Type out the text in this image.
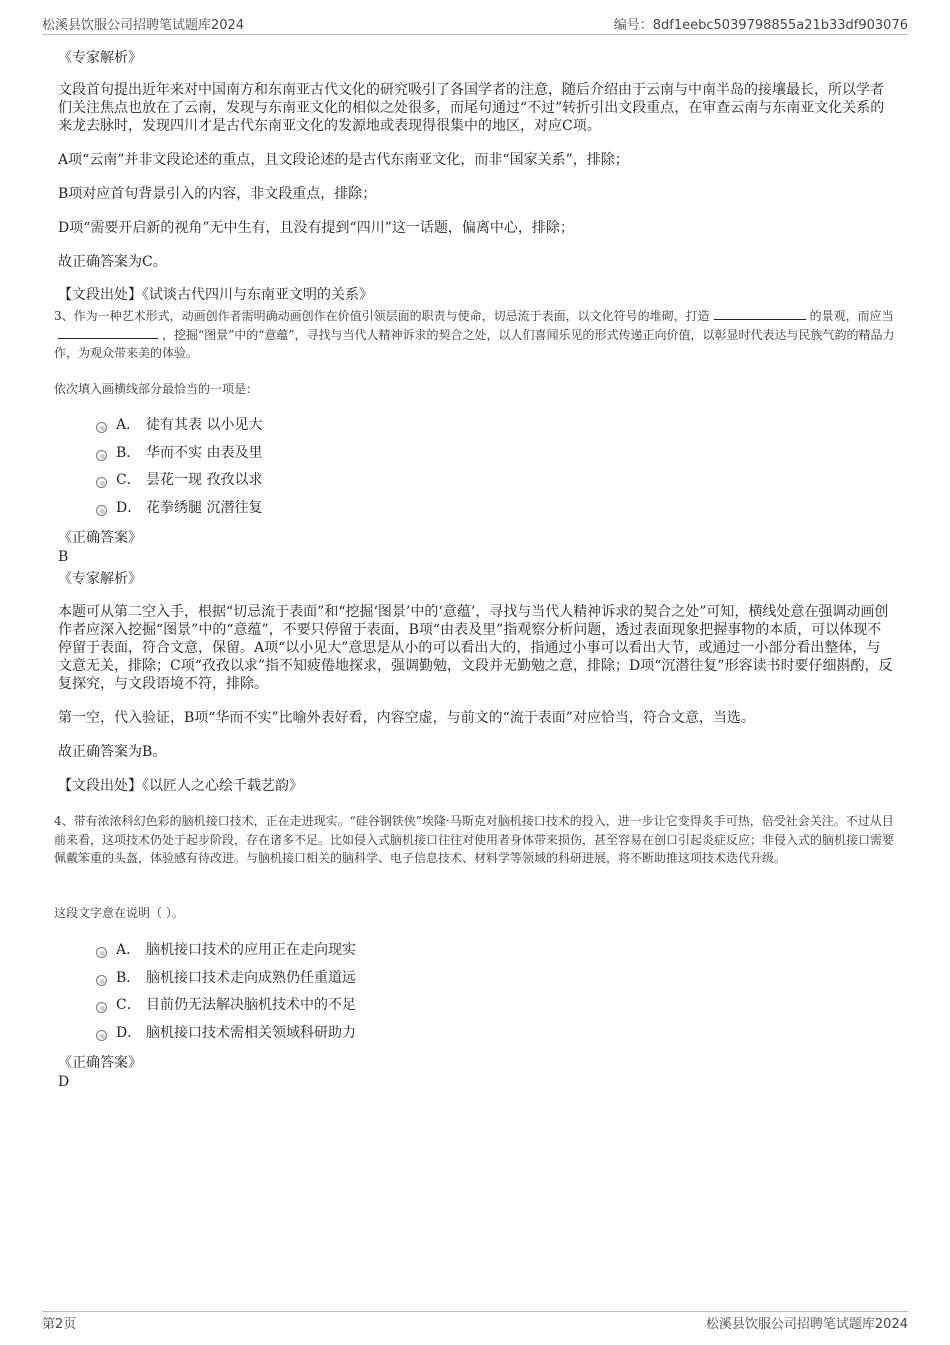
松溪县饮服公司招聘笔试题库2024	编号：8df1eebc5039798855a21b33df903076
《专家解析》
文段首句提出近年来对中国南方和东南亚古代文化的研究吸引了各国学者的注意，随后介绍由于云南与中南半岛的接壤最长，所以学者们关注焦点也放在了云南，发现与东南亚文化的相似之处很多，而尾句通过“不过”转折引出文段重点，在审查云南与东南亚文化关系的来龙去脉时，发现四川才是古代东南亚文化的发源地或表现得很集中的地区，对应C项。
A项“云南”并非文段论述的重点，且文段论述的是古代东南亚文化，而非“国家关系”，排除；
B项对应首句背景引入的内容，非文段重点，排除；
D项“需要开启新的视角”无中生有，且没有提到“四川”这一话题，偏离中心，排除；
故正确答案为C。
【文段出处】《试谈古代四川与东南亚文明的关系》
3、作为一种艺术形式，动画创作者需明确动画创作在价值引领层面的职责与使命，切忌流于表面，以文化符号的堆砌，打造	的景观，而应当，挖掘“图景”中的“意蕴”，寻找与当代人精神诉求的契合之处，以人们喜闻乐见的形式传递正向价值，以彰显时代表达与民族气韵的精品力作，为观众带来美的体验。
依次填入画横线部分最恰当的一项是：
A． 徒有其表 以小见大
B． 华而不实 由表及里
C． 昙花一现 孜孜以求
D． 花拳绣腿 沉潜往复
《正确答案》
B
《专家解析》
本题可从第二空入手，根据“切忌流于表面”和“挖掘‘图景’中的‘意蕴’，寻找与当代人精神诉求的契合之处”可知，横线处意在强调动画创作者应深入挖掘“图景”中的“意蕴”，不要只停留于表面，B项“由表及里”指观察分析问题，透过表面现象把握事物的本质，可以体现不停留于表面，符合文意，保留。A项“以小见大”意思是从小的可以看出大的，指通过小事可以看出大节，或通过一小部分看出整体，与文意无关，排除；C项“孜孜以求”指不知疲倦地探求，强调勤勉，文段并无勤勉之意，排除；D项“沉潜往复”形容读书时要仔细斟酌，反复探究，与文段语境不符，排除。
第一空，代入验证，B项“华而不实”比喻外表好看，内容空虚，与前文的“流于表面”对应恰当，符合文意，当选。
故正确答案为B。
【文段出处】《以匠人之心绘千载艺韵》
4、带有浓浓科幻色彩的脑机接口技术，正在走进现实。“硅谷钢铁侠”埃隆·马斯克对脑机接口技术的投入，进一步让它变得炙手可热，倍受社会关注。不过从目前来看，这项技术仍处于起步阶段，存在诸多不足。比如侵入式脑机接口往往对使用者身体带来损伤，甚至容易在创口引起炎症反应；非侵入式的脑机接口需要佩戴笨重的头盔，体验感有待改进。与脑机接口相关的脑科学、电子信息技术、材料学等领域的科研进展，将不断助推这项技术迭代升级。
这段文字意在说明（ ）。
A． 脑机接口技术的应用正在走向现实
B． 脑机接口技术走向成熟仍任重道远
C． 目前仍无法解决脑机技术中的不足
D． 脑机接口技术需相关领域科研助力
《正确答案》
D
第2页	松溪县饮服公司招聘笔试题库2024
